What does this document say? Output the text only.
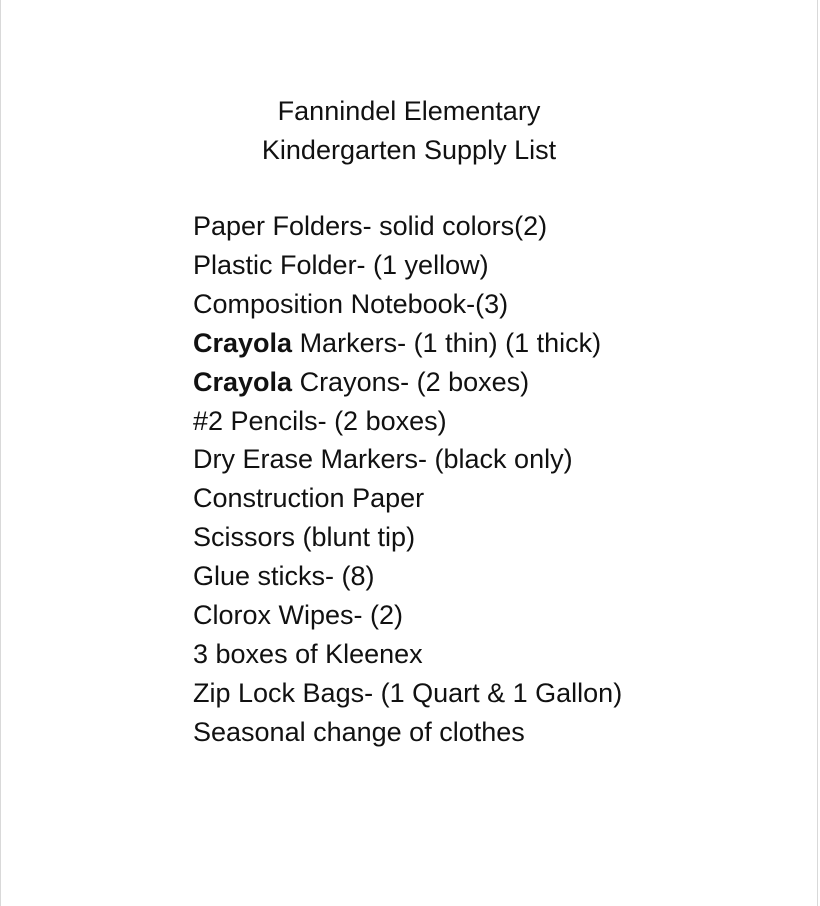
Fannindel Elementary
Kindergarten Supply List
Paper Folders- solid colors(2)
Plastic Folder- (1 yellow)
Composition Notebook-(3)
Crayola Markers- (1 thin) (1 thick)
Crayola Crayons- (2 boxes)
#2 Pencils- (2 boxes)
Dry Erase Markers- (black only)
Construction Paper
Scissors (blunt tip)
Glue sticks- (8)
Clorox Wipes- (2)
3 boxes of Kleenex
Zip Lock Bags- (1 Quart & 1 Gallon)
Seasonal change of clothes
